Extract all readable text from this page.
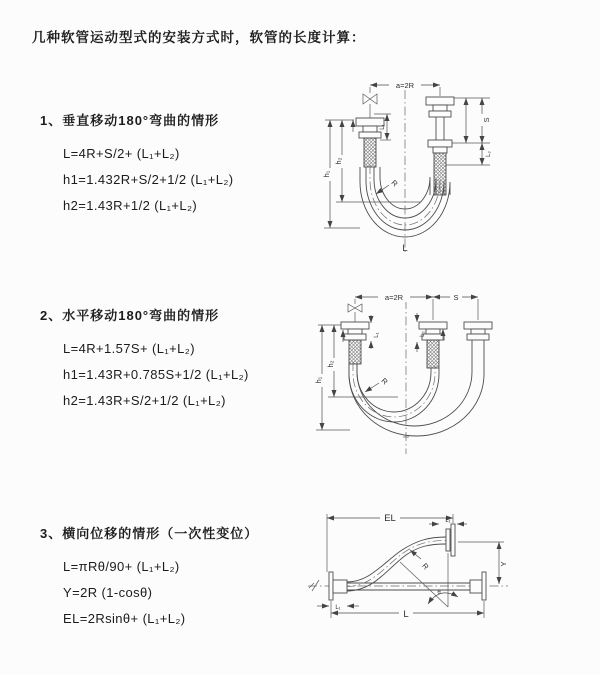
几种软管运动型式的安装方式时，软管的长度计算：
1、垂直移动180°弯曲的情形
L=4R+S/2+ (L₁+L₂)
h1=1.432R+S/2+1/2 (L₁+L₂)
h2=1.43R+1/2 (L₁+L₂)
2、水平移动180°弯曲的情形
L=4R+1.57S+ (L₁+L₂)
h1=1.43R+0.785S+1/2 (L₁+L₂)
h2=1.43R+S/2+1/2 (L₁+L₂)
3、横向位移的情形（一次性变位）
L=πRθ/90+ (L₁+L₂)
Y=2R (1-cosθ)
EL=2Rsinθ+ (L₁+L₂)
a=2R
S
L₂
L₁
h₁
h₂
R
L
a=2R	S
L₁	L₂
h₁
h₂
R
EL	L₁
Y
θ
R
L
L₁
